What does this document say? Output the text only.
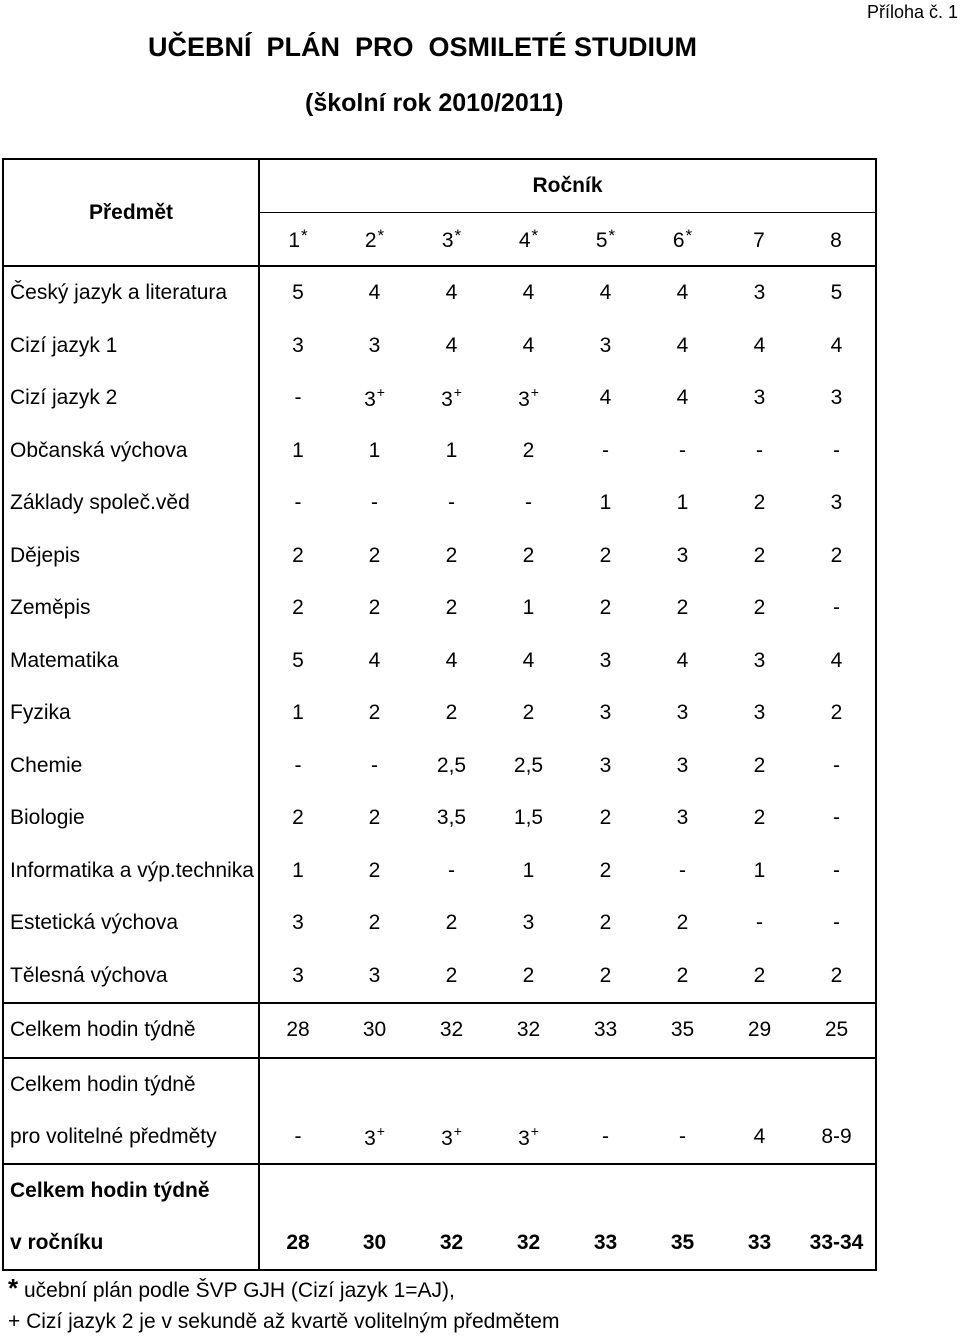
Příloha č. 1
UČEBNÍ  PLÁN  PRO  OSMILETÉ STUDIUM
(školní rok 2010/2011)
Předmět	Ročník							
	1*	2*	3*	4*	5*	6*	7	8
Český jazyk a literatura	5	4	4	4	4	4	3	5
Cizí jazyk 1	3	3	4	4	3	4	4	4
Cizí jazyk 2	-	3+	3+	3+	4	4	3	3
Občanská výchova	1	1	1	2	-	-	-	-
Základy společ.věd	-	-	-	-	1	1	2	3
Dějepis	2	2	2	2	2	3	2	2
Zeměpis	2	2	2	1	2	2	2	-
Matematika	5	4	4	4	3	4	3	4
Fyzika	1	2	2	2	3	3	3	2
Chemie	-	-	2,5	2,5	3	3	2	-
Biologie	2	2	3,5	1,5	2	3	2	-
Informatika a výp.technika	1	2	-	1	2	-	1	-
Estetická výchova	3	2	2	3	2	2	-	-
Tělesná výchova	3	3	2	2	2	2	2	2
Celkem hodin týdně	28	30	32	32	33	35	29	25
Celkem hodin týdně								
pro volitelné předměty	-	3+	3+	3+	-	-	4	8-9
Celkem hodin týdně								
v ročníku	28	30	32	32	33	35	33	33-34
* učební plán podle ŠVP GJH (Cizí jazyk 1=AJ),
+ Cizí jazyk 2 je v sekundě až kvartě volitelným předmětem
